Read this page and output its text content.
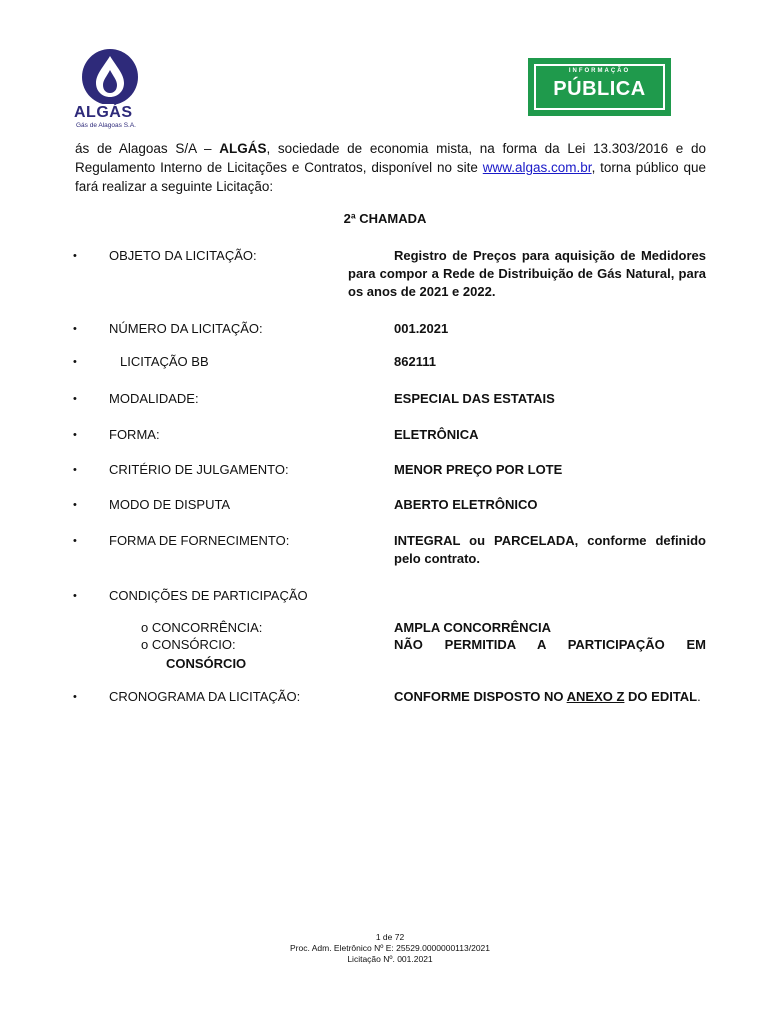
ALGÁS
Gás de Alagoas S.A.
INFORMAÇÃO
PÚBLICA

ás de Alagoas S/A – ALGÁS, sociedade de economia mista, na forma da Lei 13.303/2016 e do Regulamento Interno de Licitações e Contratos, disponível no site www.algas.com.br, torna público que fará realizar a seguinte Licitação:

2ª CHAMADA
• OBJETO DA LICITAÇÃO:	Registro de Preços para aquisição de Medidores para compor a Rede de Distribuição de Gás Natural, para os anos de 2021 e 2022.
• NÚMERO DA LICITAÇÃO:	001.2021
•	LICITAÇÃO BB	862111
• MODALIDADE:	ESPECIAL DAS ESTATAIS
• FORMA:	ELETRÔNICA
• CRITÉRIO DE JULGAMENTO:	MENOR PREÇO POR LOTE
• MODO DE DISPUTA	ABERTO ELETRÔNICO
• FORMA DE FORNECIMENTO:	INTEGRAL ou PARCELADA, conforme definido pelo contrato.
• CONDIÇÕES DE PARTICIPAÇÃO
o CONCORRÊNCIA:	AMPLA CONCORRÊNCIA
o CONSÓRCIO:	NÃO PERMITIDA A PARTICIPAÇÃO EM
CONSÓRCIO
• CRONOGRAMA DA LICITAÇÃO:	CONFORME DISPOSTO NO ANEXO Z DO EDITAL.
1 de 72
Proc. Adm. Eletrônico Nº E: 25529.0000000113/2021
Licitação Nº. 001.2021
